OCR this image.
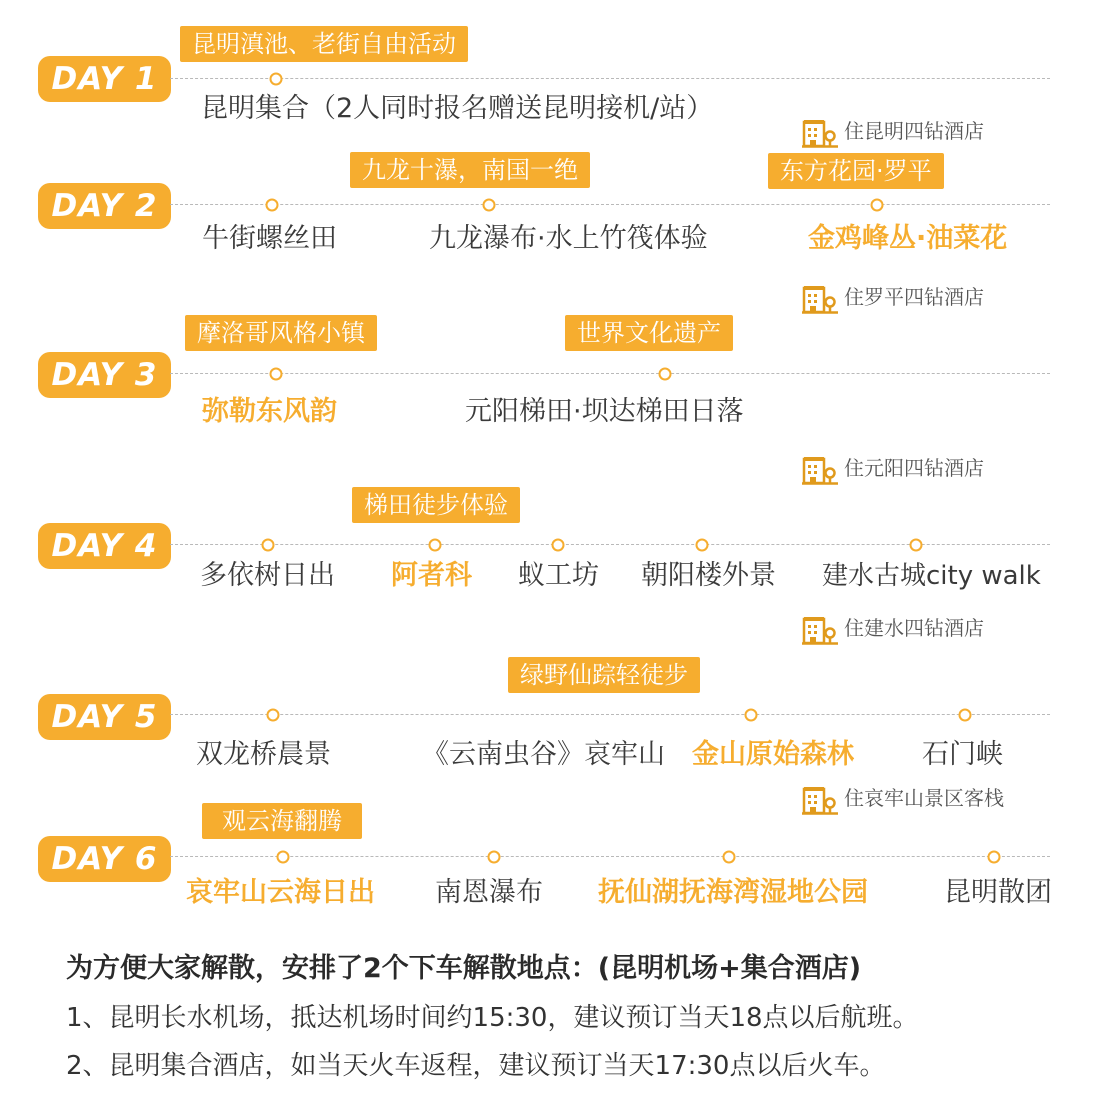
DAY 1
昆明滇池、老街自由活动
昆明集合（2人同时报名赠送昆明接机/站）
住昆明四钻酒店
DAY 2
九龙十瀑，南国一绝	东方花园·罗平
牛街螺丝田	九龙瀑布·水上竹筏体验	金鸡峰丛·油菜花
住罗平四钻酒店
DAY 3
摩洛哥风格小镇	世界文化遗产
弥勒东风韵	元阳梯田·坝达梯田日落
住元阳四钻酒店
DAY 4
梯田徒步体验
多依树日出 阿者科 蚁工坊 朝阳楼外景 建水古城city walk
住建水四钻酒店
DAY 5
绿野仙踪轻徒步
双龙桥晨景	《云南虫谷》哀牢山 金山原始森林	石门峡
住哀牢山景区客栈
DAY 6
观云海翻腾
哀牢山云海日出 南恩瀑布 抚仙湖抚海湾湿地公园	昆明散团
为方便大家解散，安排了2个下车解散地点：(昆明机场+集合酒店)
1、昆明长水机场，抵达机场时间约15:30，建议预订当天18点以后航班。
2、昆明集合酒店，如当天火车返程，建议预订当天17:30点以后火车。
